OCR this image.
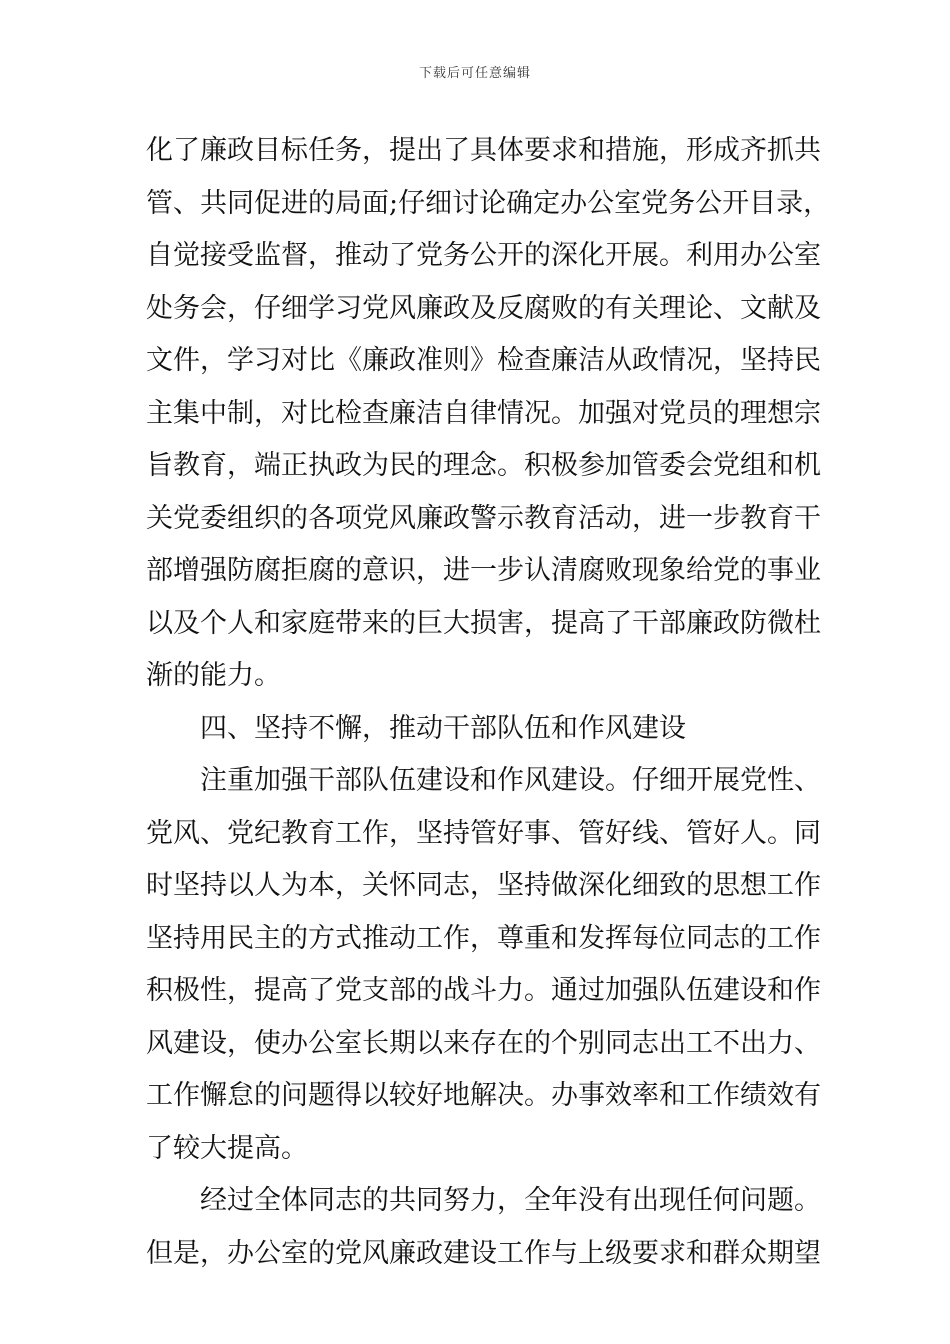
下载后可任意编辑
化了廉政目标任务，提出了具体要求和措施，形成齐抓共
管、共同促进的局面;仔细讨论确定办公室党务公开目录，
自觉接受监督，推动了党务公开的深化开展。利用办公室
处务会，仔细学习党风廉政及反腐败的有关理论、文献及
文件，学习对比《廉政准则》检查廉洁从政情况，坚持民
主集中制，对比检查廉洁自律情况。加强对党员的理想宗
旨教育，端正执政为民的理念。积极参加管委会党组和机
关党委组织的各项党风廉政警示教育活动，进一步教育干
部增强防腐拒腐的意识，进一步认清腐败现象给党的事业
以及个人和家庭带来的巨大损害，提高了干部廉政防微杜
渐的能力。
四、坚持不懈，推动干部队伍和作风建设
注重加强干部队伍建设和作风建设。仔细开展党性、
党风、党纪教育工作，坚持管好事、管好线、管好人。同
时坚持以人为本，关怀同志，坚持做深化细致的思想工作
坚持用民主的方式推动工作，尊重和发挥每位同志的工作
积极性，提高了党支部的战斗力。通过加强队伍建设和作
风建设，使办公室长期以来存在的个别同志出工不出力、
工作懈怠的问题得以较好地解决。办事效率和工作绩效有
了较大提高。
经过全体同志的共同努力，全年没有出现任何问题。
但是，办公室的党风廉政建设工作与上级要求和群众期望
